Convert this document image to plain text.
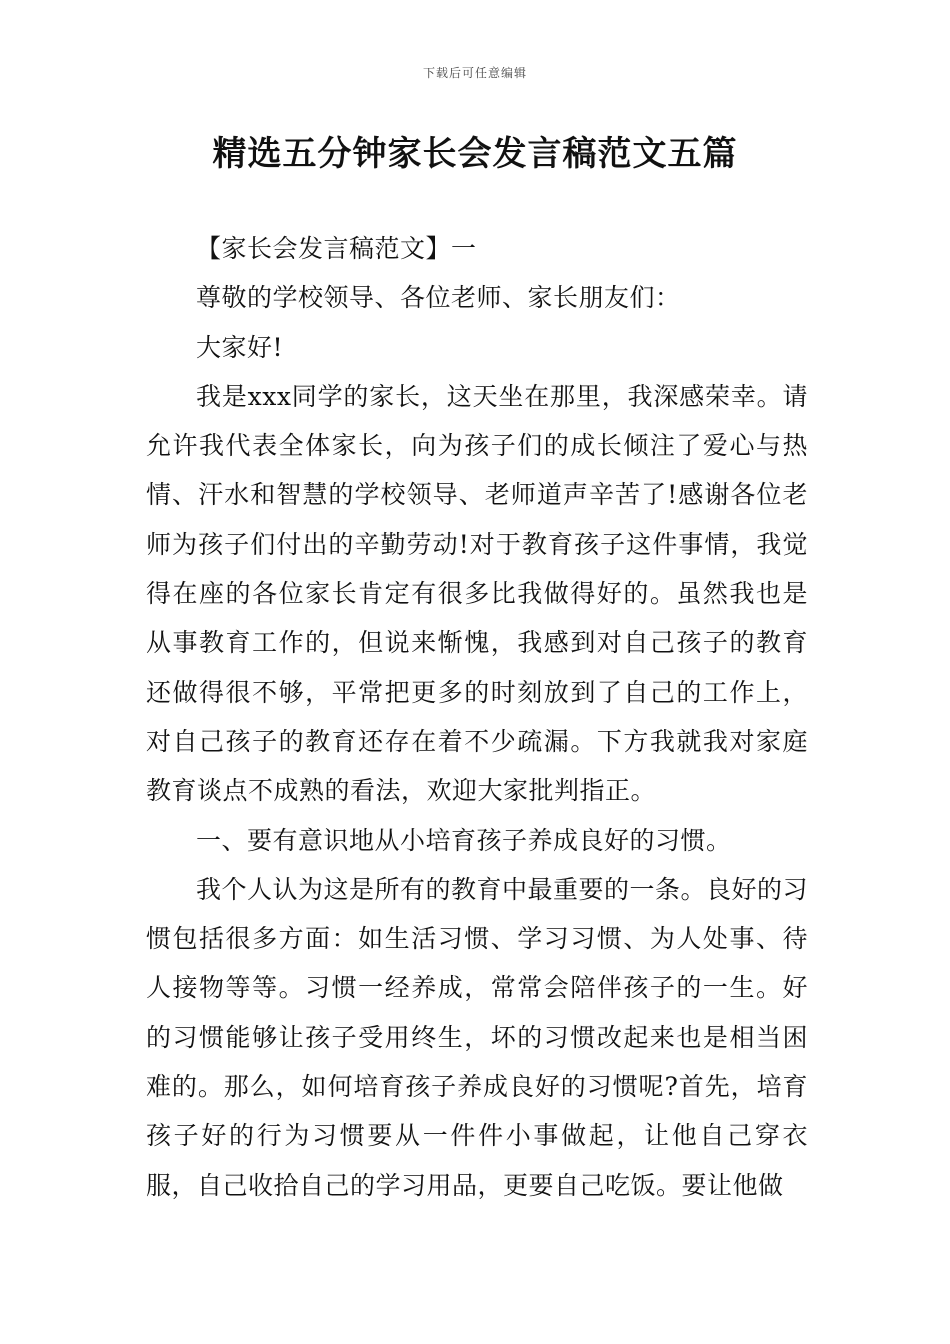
下载后可任意编辑
精选五分钟家长会发言稿范文五篇

【家长会发言稿范文】一

尊敬的学校领导、各位老师、家长朋友们：

大家好!

我是xxx同学的家长，这天坐在那里，我深感荣幸。请允许我代表全体家长，向为孩子们的成长倾注了爱心与热情、汗水和智慧的学校领导、老师道声辛苦了!感谢各位老师为孩子们付出的辛勤劳动!对于教育孩子这件事情，我觉得在座的各位家长肯定有很多比我做得好的。虽然我也是从事教育工作的，但说来惭愧，我感到对自己孩子的教育还做得很不够，平常把更多的时刻放到了自己的工作上，对自己孩子的教育还存在着不少疏漏。下方我就我对家庭教育谈点不成熟的看法，欢迎大家批判指正。

一、要有意识地从小培育孩子养成良好的习惯。

我个人认为这是所有的教育中最重要的一条。良好的习惯包括很多方面：如生活习惯、学习习惯、为人处事、待人接物等等。习惯一经养成，常常会陪伴孩子的一生。好的习惯能够让孩子受用终生，坏的习惯改起来也是相当困难的。那么，如何培育孩子养成良好的习惯呢?首先，培育孩子好的行为习惯要从一件件小事做起，让他自己穿衣服，自己收拾自己的学习用品，更要自己吃饭。要让他做
